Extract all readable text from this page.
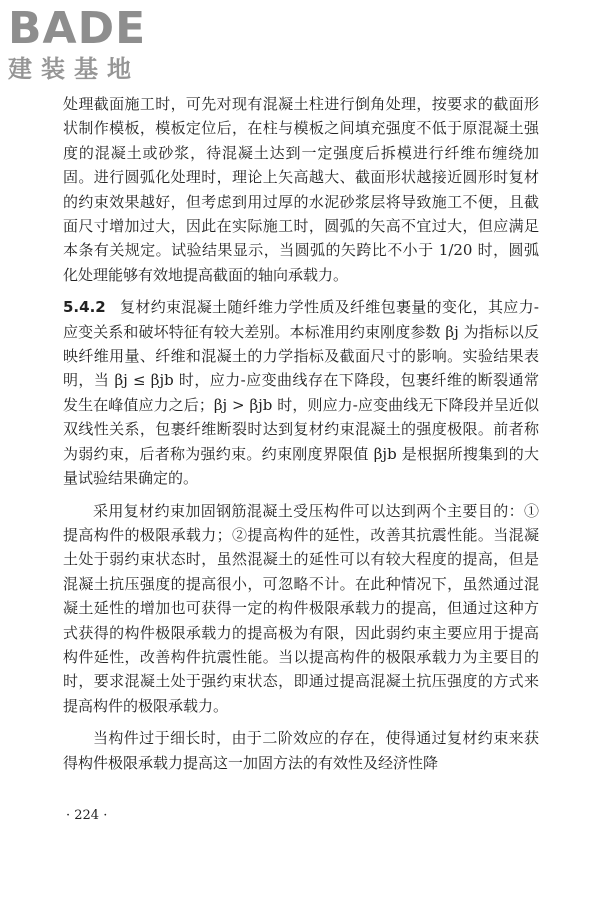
BADE
建装基地

处理截面施工时，可先对现有混凝土柱进行倒角处理，按要求的截面形状制作模板，模板定位后，在柱与模板之间填充强度不低于原混凝土强度的混凝土或砂浆，待混凝土达到一定强度后拆模进行纤维布缠绕加固。进行圆弧化处理时，理论上矢高越大、截面形状越接近圆形时复材的约束效果越好，但考虑到用过厚的水泥砂浆层将导致施工不便，且截面尺寸增加过大，因此在实际施工时，圆弧的矢高不宜过大，但应满足本条有关规定。试验结果显示，当圆弧的矢跨比不小于 1/20 时，圆弧化处理能够有效地提高截面的轴向承载力。

5.4.2 复材约束混凝土随纤维力学性质及纤维包裹量的变化，其应力-应变关系和破坏特征有较大差别。本标准用约束刚度参数 βj 为指标以反映纤维用量、纤维和混凝土的力学指标及截面尺寸的影响。实验结果表明，当 βj ≤ βjb 时，应力-应变曲线存在下降段，包裹纤维的断裂通常发生在峰值应力之后；βj > βjb 时，则应力-应变曲线无下降段并呈近似双线性关系，包裹纤维断裂时达到复材约束混凝土的强度极限。前者称为弱约束，后者称为强约束。约束刚度界限值 βjb 是根据所搜集到的大量试验结果确定的。

采用复材约束加固钢筋混凝土受压构件可以达到两个主要目的：①提高构件的极限承载力；②提高构件的延性，改善其抗震性能。当混凝土处于弱约束状态时，虽然混凝土的延性可以有较大程度的提高，但是混凝土抗压强度的提高很小，可忽略不计。在此种情况下，虽然通过混凝土延性的增加也可获得一定的构件极限承载力的提高，但通过这种方式获得的构件极限承载力的提高极为有限，因此弱约束主要应用于提高构件延性，改善构件抗震性能。当以提高构件的极限承载力为主要目的时，要求混凝土处于强约束状态，即通过提高混凝土抗压强度的方式来提高构件的极限承载力。

当构件过于细长时，由于二阶效应的存在，使得通过复材约束来获得构件极限承载力提高这一加固方法的有效性及经济性降

· 224 ·
